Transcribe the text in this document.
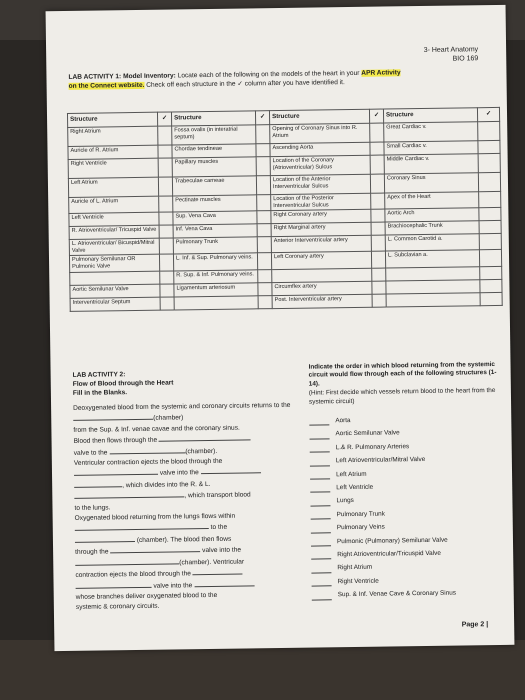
3- Heart Anatomy
BIO 169
LAB ACTIVITY 1: Model Inventory: Locate each of the following on the models of the heart in your APR Activity
on the Connect website. Check off each structure in the ✓ column after you have identified it.
Structure	✓	Structure	✓	Structure	✓	Structure	✓
Right Atrium		Fossa ovalis (in interatrial septum)		Opening of Coronary Sinus into R. Atrium		Great Cardiac v.	
Auricle of R. Atrium		Chordae tendineae		Ascending Aorta		Small Cardiac v.	
Right Ventricle		Papillary muscles		Location of the Coronary (Atrioventricular) Sulcus		Middle Cardiac v.	
Left Atrium		Trabeculae carneae		Location of the Anterior Interventricular Sulcus		Coronary Sinus	
Auricle of L. Atrium		Pectinate muscles		Location of the Posterior Interventricular Sulcus		Apex of the Heart	
Left Ventricle		Sup. Vena Cava		Right Coronary artery		Aortic Arch	
R. Atrioventricular/ Tricuspid Valve		Inf. Vena Cava		Right Marginal artery		Brachiocephalic Trunk	
L. Atrioventricular/ Bicuspid/Mitral Valve		Pulmonary Trunk		Anterior Interventricular artery		L. Common Carotid a.	
Pulmonary Semilunar OR Pulmonic Valve		L. Inf. & Sup. Pulmonary veins.		Left Coronary artery		L. Subclavian a.	
		R. Sup. & Inf. Pulmonary veins.					
Aortic Semilunar Valve		Ligamentum arteriosum		Circumflex artery			
Interventricular Septum				Post. Interventricular artery			
LAB ACTIVITY 2:
Flow of Blood through the Heart
Fill in the Blanks.
Deoxygenated blood from the systemic and coronary circuits returns to the (chamber)
from the Sup. & Inf. venae cavae and the coronary sinus.
Blood then flows through the
valve to the	(chamber).
Ventricular contraction ejects the blood through the
valve into the
, which divides into the R. & L.
, which transport blood
to the lungs.
Oxygenated blood returning from the lungs flows within
to the
(chamber). The blood then flows
through the	valve into the
(chamber). Ventricular
contraction ejects the blood through the
valve into the
whose branches deliver oxygenated blood to the
systemic & coronary circuits.
Indicate the order in which blood returning from the systemic circuit would flow through each of the following structures (1-14).
(Hint: First decide which vessels return blood to the heart from the systemic circuit)
Aorta
Aortic Semilunar Valve
L.& R. Pulmonary Arteries
Left Atrioventricular/Mitral Valve
Left Atrium
Left Ventricle
Lungs
Pulmonary Trunk
Pulmonary Veins
Pulmonic (Pulmonary) Semilunar Valve
Right Atrioventricular/Tricuspid Valve
Right Atrium
Right Ventricle
Sup. & Inf. Venae Cave & Coronary Sinus
Page 2 |
